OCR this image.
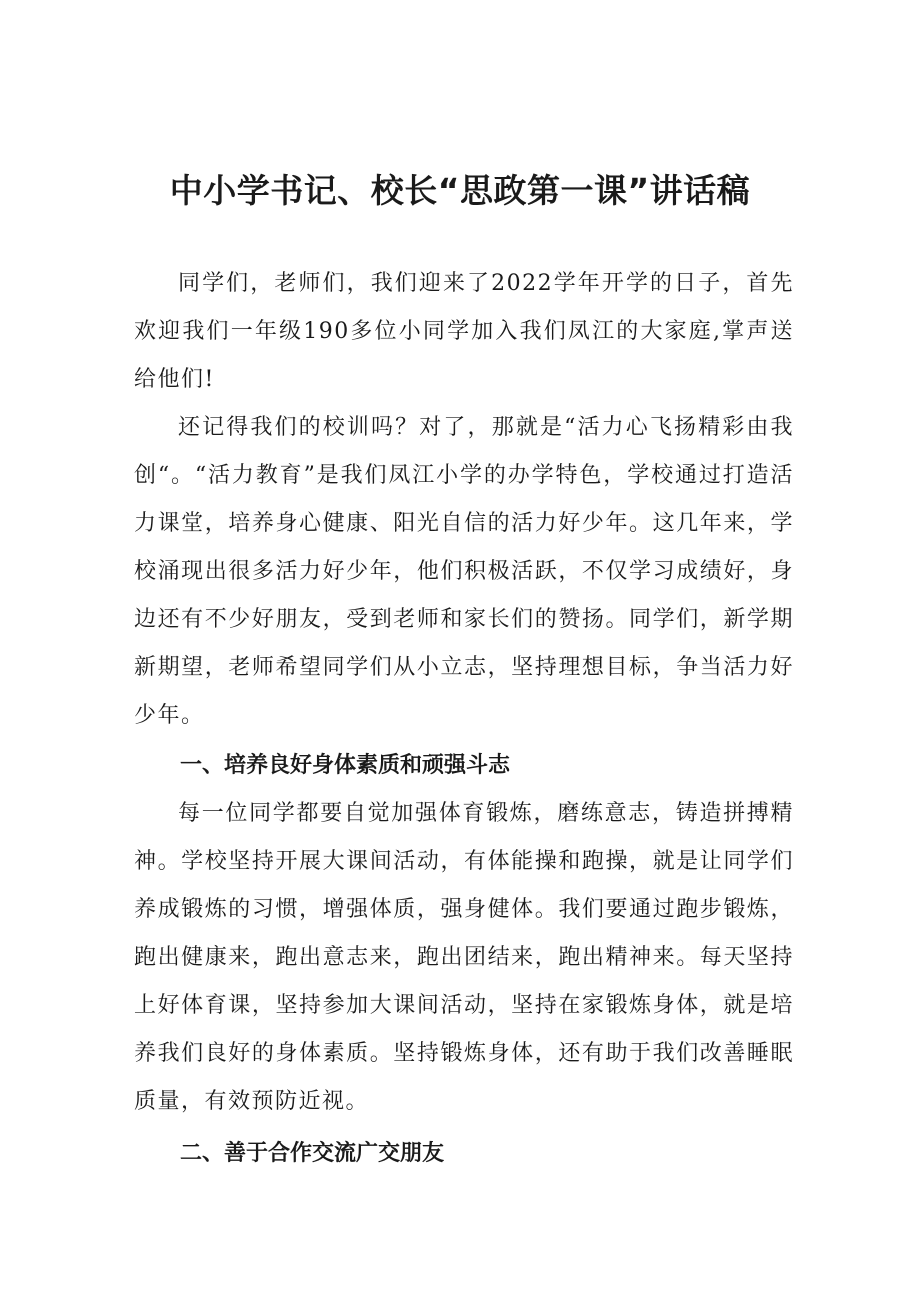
中小学书记、校长“思政第一课”讲话稿

同学们，老师们，我们迎来了2022学年开学的日子，首先欢迎我们一年级190多位小同学加入我们凤江的大家庭,掌声送给他们!

还记得我们的校训吗？对了，那就是“活力心飞扬精彩由我创“。“活力教育”是我们凤江小学的办学特色，学校通过打造活力课堂，培养身心健康、阳光自信的活力好少年。这几年来，学校涌现出很多活力好少年，他们积极活跃，不仅学习成绩好，身边还有不少好朋友，受到老师和家长们的赞扬。同学们，新学期新期望，老师希望同学们从小立志，坚持理想目标，争当活力好少年。

一、培养良好身体素质和顽强斗志

每一位同学都要自觉加强体育锻炼，磨练意志，铸造拼搏精神。学校坚持开展大课间活动，有体能操和跑操，就是让同学们养成锻炼的习惯，增强体质，强身健体。我们要通过跑步锻炼，跑出健康来，跑出意志来，跑出团结来，跑出精神来。每天坚持上好体育课，坚持参加大课间活动，坚持在家锻炼身体，就是培养我们良好的身体素质。坚持锻炼身体，还有助于我们改善睡眠质量，有效预防近视。

二、善于合作交流广交朋友
